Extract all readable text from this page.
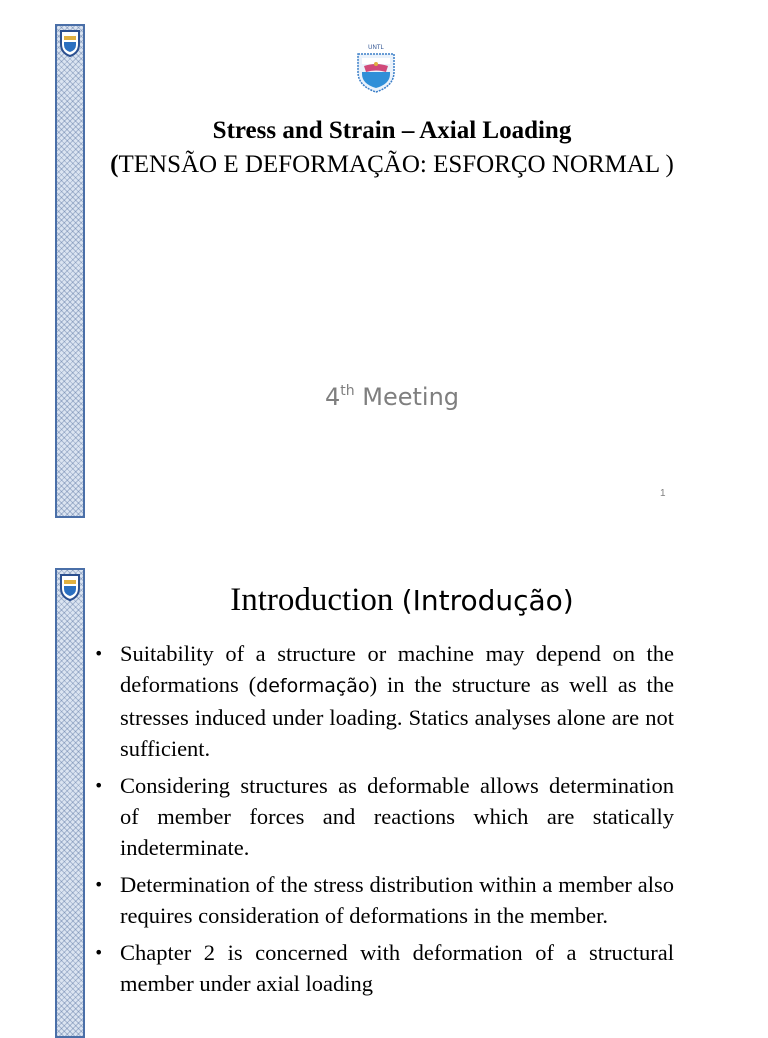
UNTL
Stress and Strain – Axial Loading
(TENSÃO E DEFORMAÇÃO: ESFORÇO NORMAL )
4th Meeting
1
Introduction (Introdução)
• Suitability of a structure or machine may depend on the deformations (deformação) in the structure as well as the stresses induced under loading. Statics analyses alone are not sufficient.
• Considering structures as deformable allows determination of member forces and reactions which are statically indeterminate.
• Determination of the stress distribution within a member also requires consideration of deformations in the member.
• Chapter 2 is concerned with deformation of a structural member under axial loading
